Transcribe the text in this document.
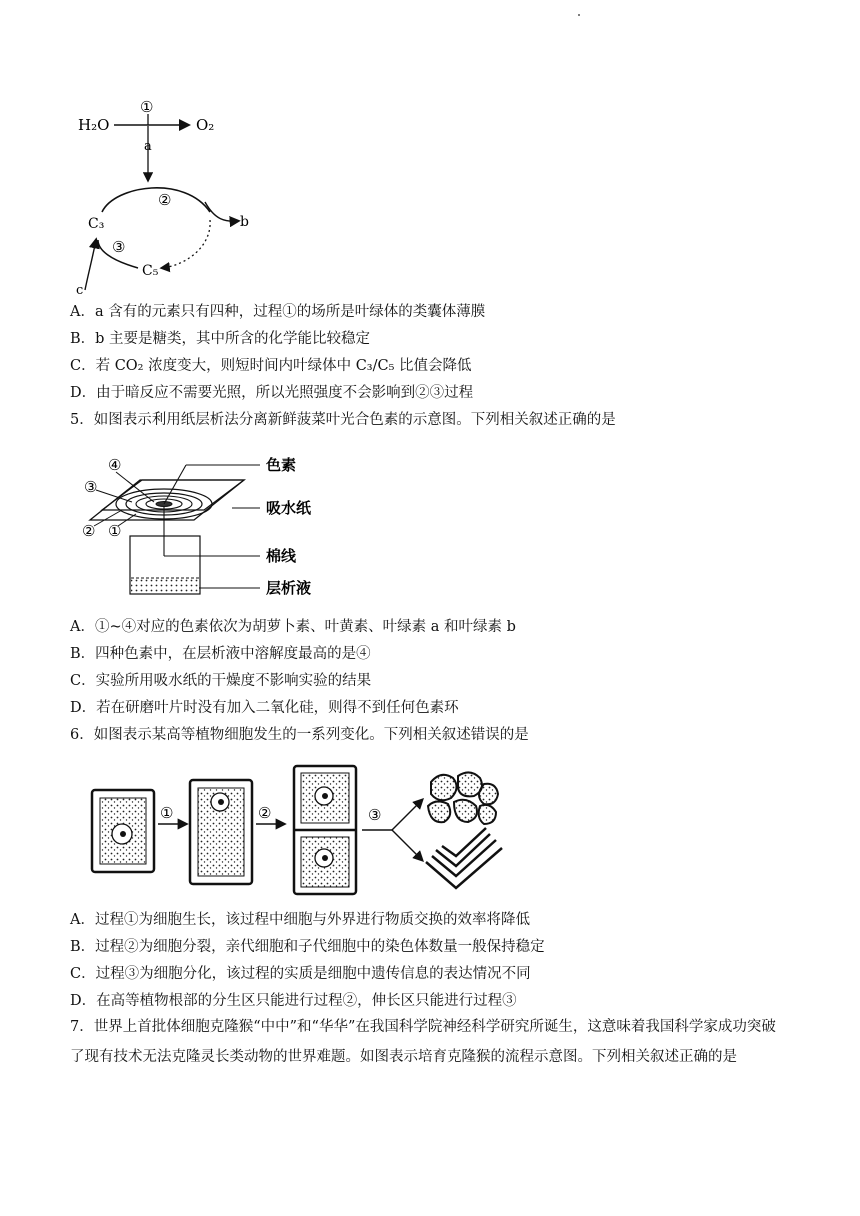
H₂O
①
O₂
a
b
②
C₅
C₃
③
c
A．a 含有的元素只有四种，过程①的场所是叶绿体的类囊体薄膜
B．b 主要是糖类，其中所含的化学能比较稳定
C．若 CO₂ 浓度变大，则短时间内叶绿体中 C₃/C₅ 比值会降低
D．由于暗反应不需要光照，所以光照强度不会影响到②③过程
5．如图表示利用纸层析法分离新鲜菠菜叶光合色素的示意图。下列相关叙述正确的是
色素
吸水纸
棉线
层析液
④
③
② ①
A．①~④对应的色素依次为胡萝卜素、叶黄素、叶绿素 a 和叶绿素 b
B．四种色素中，在层析液中溶解度最高的是④
C．实验所用吸水纸的干燥度不影响实验的结果
D．若在研磨叶片时没有加入二氧化硅，则得不到任何色素环
6．如图表示某高等植物细胞发生的一系列变化。下列相关叙述错误的是
①	②	③
A．过程①为细胞生长，该过程中细胞与外界进行物质交换的效率将降低
B．过程②为细胞分裂，亲代细胞和子代细胞中的染色体数量一般保持稳定
C．过程③为细胞分化，该过程的实质是细胞中遗传信息的表达情况不同
D．在高等植物根部的分生区只能进行过程②，伸长区只能进行过程③
7．世界上首批体细胞克隆猴“中中”和“华华”在我国科学院神经科学研究所诞生，这意味着我国科学家成功突破了现有技术无法克隆灵长类动物的世界难题。如图表示培育克隆猴的流程示意图。下列相关叙述正确的是
